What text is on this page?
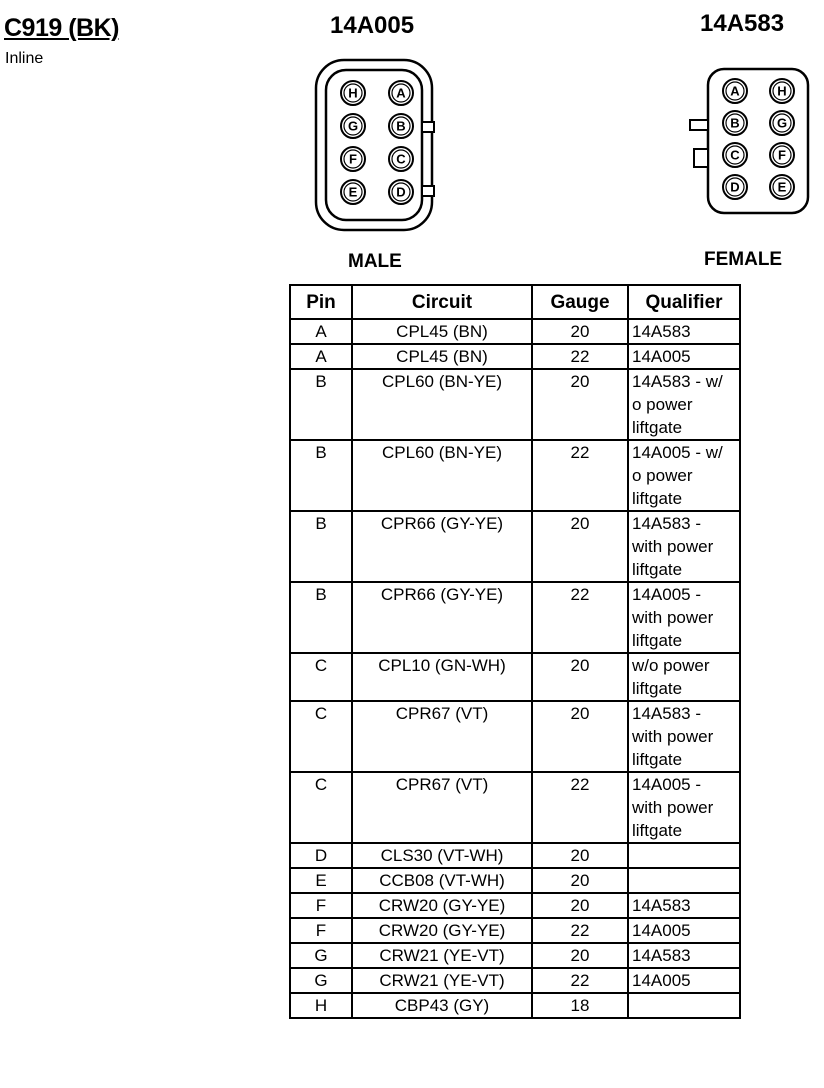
C919 (BK)
Inline
14A005	14A583
H
G
F
E
A
B
C
D
MALE
A
B
C
D
H
G
F
E
FEMALE
Pin	Circuit	Gauge	Qualifier
A	CPL45 (BN)	20	14A583

A	CPL45 (BN)	22	14A005

B	CPL60 (BN-YE)	20	14A583 - w/
o power
liftgate

B	CPL60 (BN-YE)	22	14A005 - w/
o power
liftgate

B	CPR66 (GY-YE)	20	14A583 -
with power
liftgate

B	CPR66 (GY-YE)	22	14A005 -
with power
liftgate

C	CPL10 (GN-WH)	20	w/o power
liftgate

C	CPR67 (VT)	20	14A583 -
with power
liftgate

C	CPR67 (VT)	22	14A005 -
with power
liftgate

D	CLS30 (VT-WH)	20	
E	CCB08 (VT-WH)	20	
F	CRW20 (GY-YE)	20	14A583

F	CRW20 (GY-YE)	22	14A005

G	CRW21 (YE-VT)	20	14A583

G	CRW21 (YE-VT)	22	14A005

H	CBP43 (GY)	18	
